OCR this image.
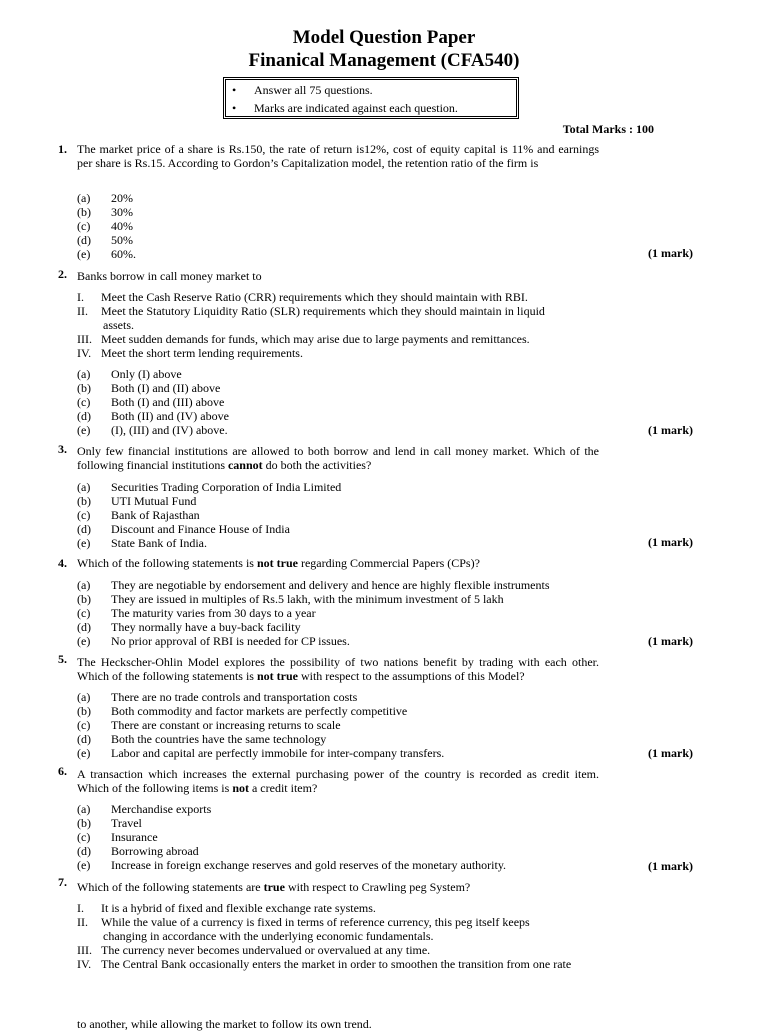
Model Question Paper
Finanical Management (CFA540)
• Answer all 75 questions.
• Marks are indicated against each question.
Total Marks : 100
1. The market price of a share is Rs.150, the rate of return is12%, cost of equity capital is 11% and earnings per share is Rs.15. According to Gordon’s Capitalization model, the retention ratio of the firm is
(a) 20%
(b) 30%
(c) 40%
(d) 50%
(e) 60%.	(1 mark)
2. Banks borrow in call money market to
I. Meet the Cash Reserve Ratio (CRR) requirements which they should maintain with RBI.
II. Meet the Statutory Liquidity Ratio (SLR) requirements which they should maintain in liquid
assets.
III. Meet sudden demands for funds, which may arise due to large payments and remittances.
IV. Meet the short term lending requirements.
(a) Only (I) above
(b) Both (I) and (II) above
(c) Both (I) and (III) above
(d) Both (II) and (IV) above
(e) (I), (III) and (IV) above.	(1 mark)
3. Only few financial institutions are allowed to both borrow and lend in call money market. Which of the following financial institutions cannot do both the activities?
(a) Securities Trading Corporation of India Limited
(b) UTI Mutual Fund
(c) Bank of Rajasthan
(d) Discount and Finance House of India
(e) State Bank of India.	(1 mark)
4. Which of the following statements is not true regarding Commercial Papers (CPs)?
(a) They are negotiable by endorsement and delivery and hence are highly flexible instruments
(b) They are issued in multiples of Rs.5 lakh, with the minimum investment of 5 lakh
(c) The maturity varies from 30 days to a year
(d) They normally have a buy-back facility
(e) No prior approval of RBI is needed for CP issues.	(1 mark)
5. The Heckscher-Ohlin Model explores the possibility of two nations benefit by trading with each other. Which of the following statements is not true with respect to the assumptions of this Model?
(a) There are no trade controls and transportation costs
(b) Both commodity and factor markets are perfectly competitive
(c) There are constant or increasing returns to scale
(d) Both the countries have the same technology
(e) Labor and capital are perfectly immobile for inter-company transfers.	(1 mark)
6. A transaction which increases the external purchasing power of the country is recorded as credit item. Which of the following items is not a credit item?
(a) Merchandise exports
(b) Travel
(c) Insurance
(d) Borrowing abroad
(e) Increase in foreign exchange reserves and gold reserves of the monetary authority.	(1 mark)
7. Which of the following statements are true with respect to Crawling peg System?
I. It is a hybrid of fixed and flexible exchange rate systems.
II. While the value of a currency is fixed in terms of reference currency, this peg itself keeps
changing in accordance with the underlying economic fundamentals.
III. The currency never becomes undervalued or overvalued at any time.
IV. The Central Bank occasionally enters the market in order to smoothen the transition from one rate
to another, while allowing the market to follow its own trend.
